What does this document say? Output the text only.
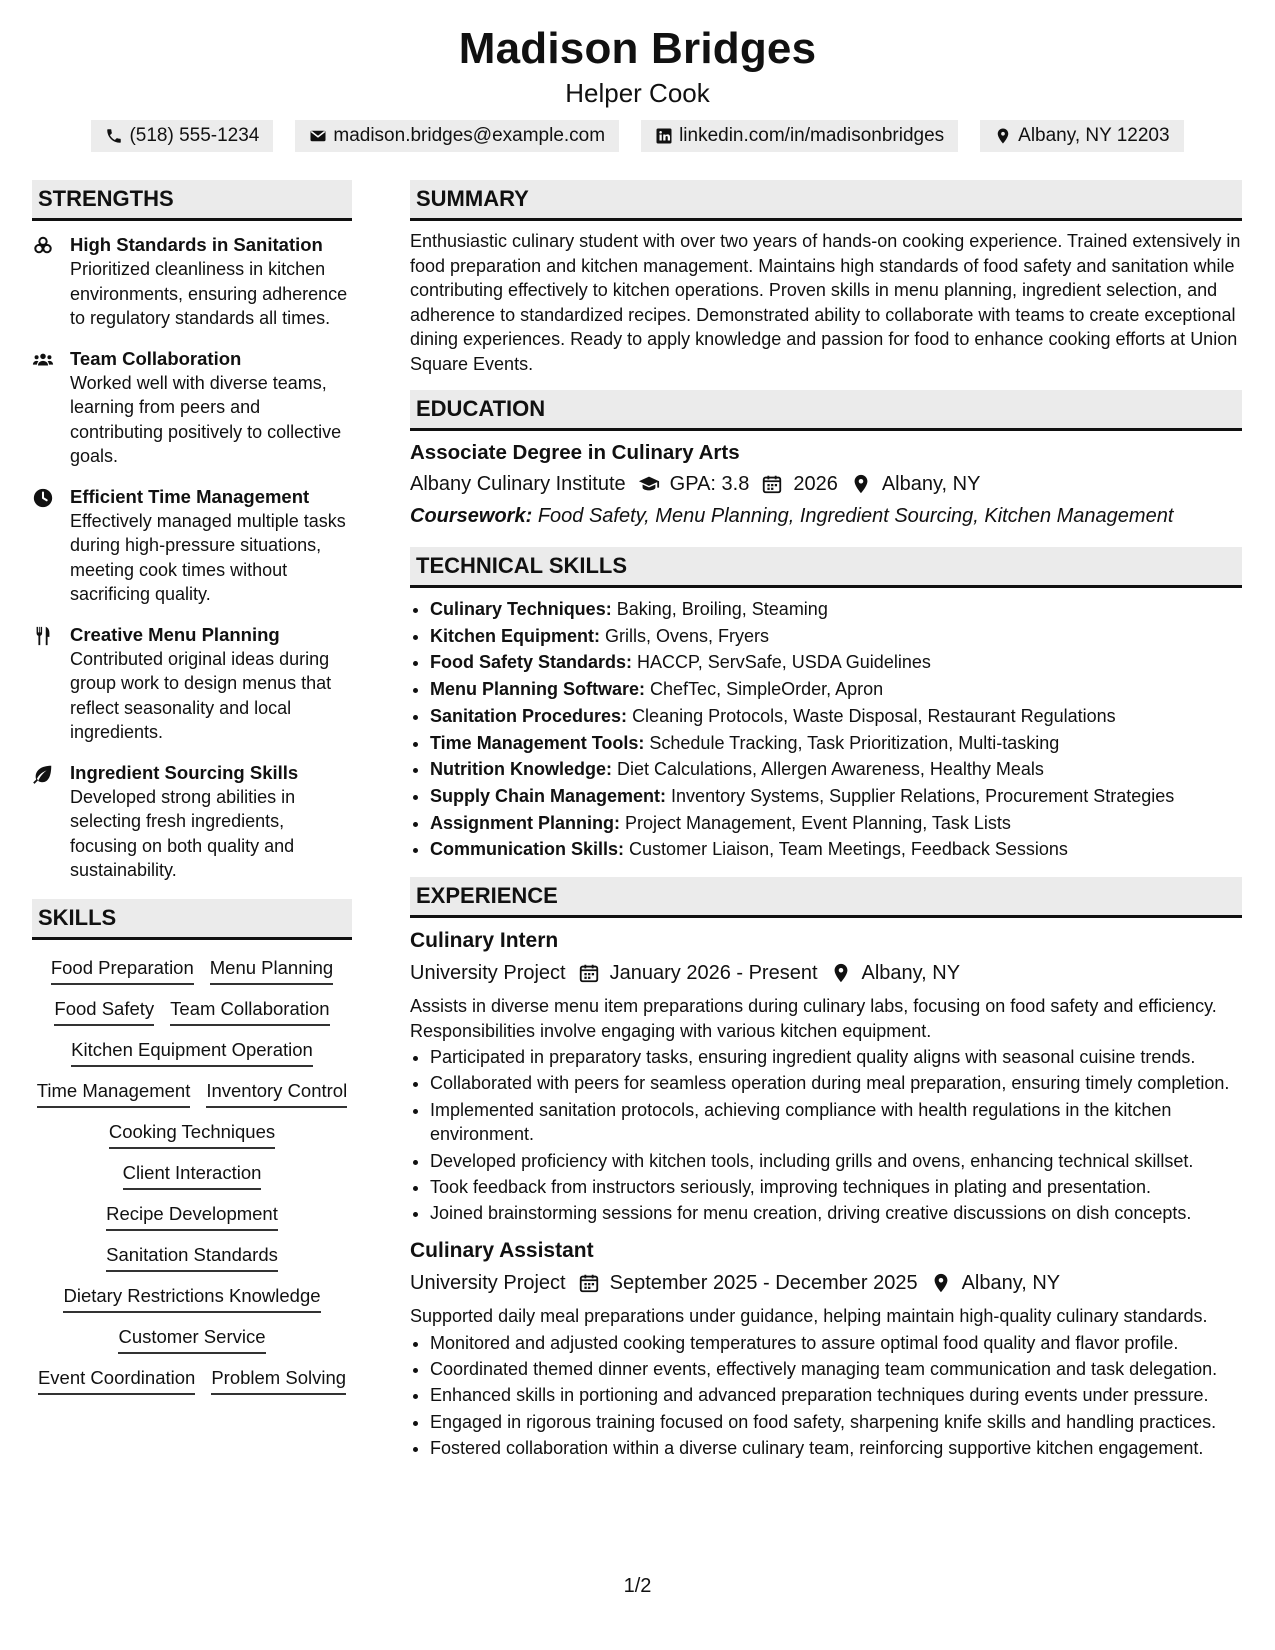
Madison Bridges
Helper Cook
(518) 555-1234	madison.bridges@example.com	linkedin.com/in/madisonbridges	Albany, NY 12203
STRENGTHS
High Standards in Sanitation
Prioritized cleanliness in kitchen environments, ensuring adherence to regulatory standards all times.
Team Collaboration
Worked well with diverse teams, learning from peers and contributing positively to collective goals.
Efficient Time Management
Effectively managed multiple tasks during high-pressure situations, meeting cook times without sacrificing quality.
Creative Menu Planning
Contributed original ideas during group work to design menus that reflect seasonality and local ingredients.
Ingredient Sourcing Skills
Developed strong abilities in selecting fresh ingredients, focusing on both quality and sustainability.
SKILLS
Food Preparation Menu Planning
Food Safety Team Collaboration
Kitchen Equipment Operation
Time Management Inventory Control
Cooking Techniques
Client Interaction
Recipe Development
Sanitation Standards
Dietary Restrictions Knowledge
Customer Service
Event Coordination Problem Solving
SUMMARY
Enthusiastic culinary student with over two years of hands-on cooking experience. Trained extensively in food preparation and kitchen management. Maintains high standards of food safety and sanitation while contributing effectively to kitchen operations. Proven skills in menu planning, ingredient selection, and adherence to standardized recipes. Demonstrated ability to collaborate with teams to create exceptional dining experiences. Ready to apply knowledge and passion for food to enhance cooking efforts at Union Square Events.
EDUCATION
Associate Degree in Culinary Arts
Albany Culinary Institute GPA: 3.8 2026 Albany, NY
Coursework: Food Safety, Menu Planning, Ingredient Sourcing, Kitchen Management
TECHNICAL SKILLS
• Culinary Techniques: Baking, Broiling, Steaming
• Kitchen Equipment: Grills, Ovens, Fryers
• Food Safety Standards: HACCP, ServSafe, USDA Guidelines
• Menu Planning Software: ChefTec, SimpleOrder, Apron
• Sanitation Procedures: Cleaning Protocols, Waste Disposal, Restaurant Regulations
• Time Management Tools: Schedule Tracking, Task Prioritization, Multi-tasking
• Nutrition Knowledge: Diet Calculations, Allergen Awareness, Healthy Meals
• Supply Chain Management: Inventory Systems, Supplier Relations, Procurement Strategies
• Assignment Planning: Project Management, Event Planning, Task Lists
• Communication Skills: Customer Liaison, Team Meetings, Feedback Sessions
EXPERIENCE
Culinary Intern
University Project January 2026 - Present Albany, NY
Assists in diverse menu item preparations during culinary labs, focusing on food safety and efficiency. Responsibilities involve engaging with various kitchen equipment.
• Participated in preparatory tasks, ensuring ingredient quality aligns with seasonal cuisine trends.
• Collaborated with peers for seamless operation during meal preparation, ensuring timely completion.
• Implemented sanitation protocols, achieving compliance with health regulations in the kitchen environment.
• Developed proficiency with kitchen tools, including grills and ovens, enhancing technical skillset.
• Took feedback from instructors seriously, improving techniques in plating and presentation.
• Joined brainstorming sessions for menu creation, driving creative discussions on dish concepts.
Culinary Assistant
University Project September 2025 - December 2025 Albany, NY
Supported daily meal preparations under guidance, helping maintain high-quality culinary standards.
• Monitored and adjusted cooking temperatures to assure optimal food quality and flavor profile.
• Coordinated themed dinner events, effectively managing team communication and task delegation.
• Enhanced skills in portioning and advanced preparation techniques during events under pressure.
• Engaged in rigorous training focused on food safety, sharpening knife skills and handling practices.
• Fostered collaboration within a diverse culinary team, reinforcing supportive kitchen engagement.
1/2
